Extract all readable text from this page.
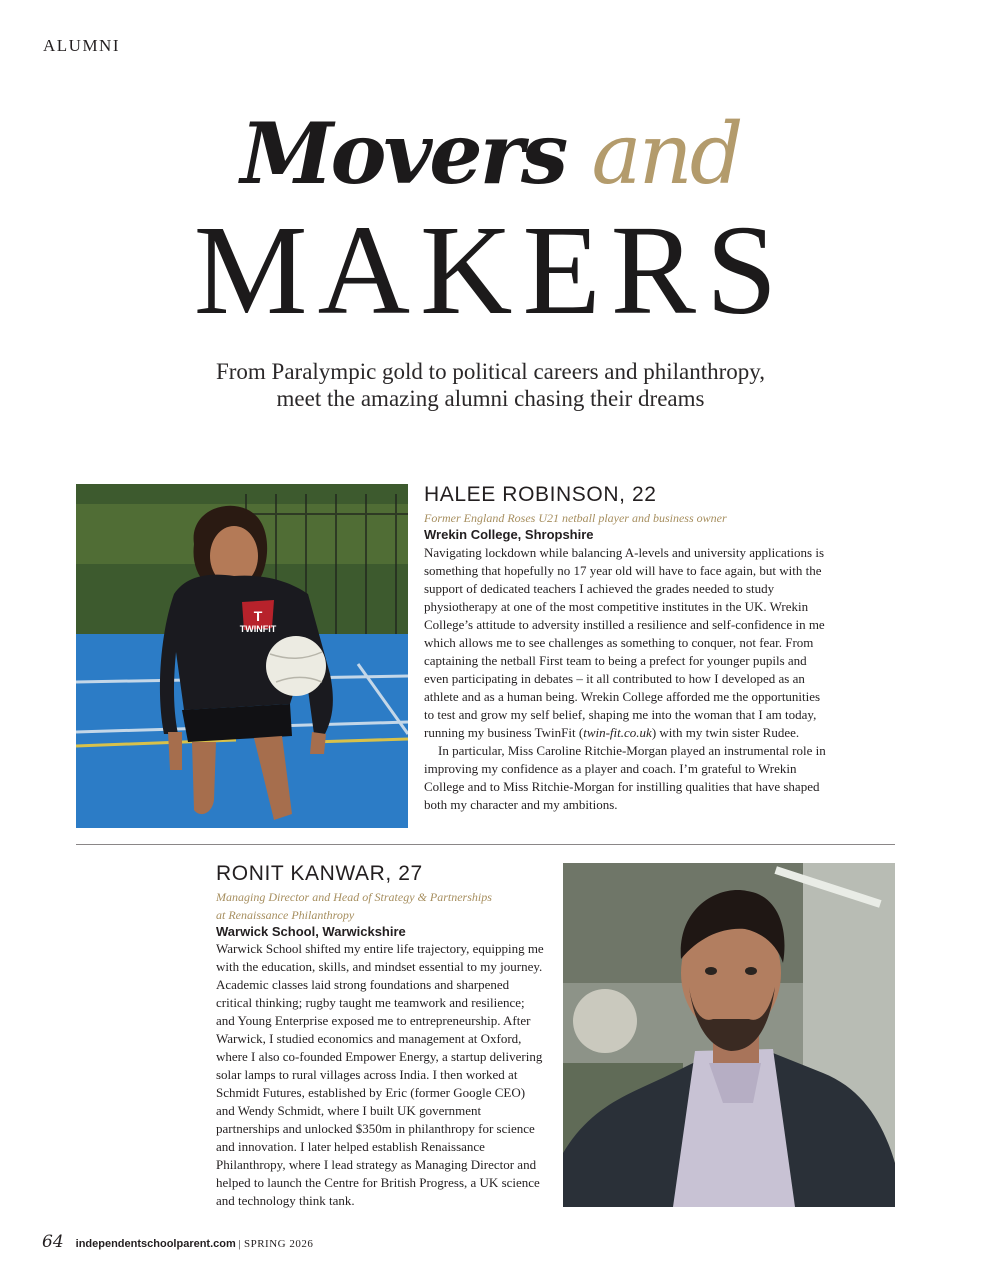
ALUMNI
Movers and
MAKERS
From Paralympic gold to political careers and philanthropy,
meet the amazing alumni chasing their dreams
TWINFIT
T
HALEE ROBINSON, 22
Former England Roses U21 netball player and business owner
Wrekin College, Shropshire

Navigating lockdown while balancing A-levels and university applications is something that hopefully no 17 year old will have to face again, but with the support of dedicated teachers I achieved the grades needed to study physiotherapy at one of the most competitive institutes in the UK. Wrekin College’s attitude to adversity instilled a resilience and self-confidence in me which allows me to see challenges as something to conquer, not fear. From captaining the netball First team to being a prefect for younger pupils and even participating in debates – it all contributed to how I developed as an athlete and as a human being. Wrekin College afforded me the opportunities to test and grow my self belief, shaping me into the woman that I am today, running my business TwinFit (twin-fit.co.uk) with my twin sister Rudee.

In particular, Miss Caroline Ritchie-Morgan played an instrumental role in improving my confidence as a player and coach. I’m grateful to Wrekin College and to Miss Ritchie-Morgan for instilling qualities that have shaped both my character and my ambitions.

RONIT KANWAR, 27
Managing Director and Head of Strategy & Partnerships
at Renaissance Philanthropy
Warwick School, Warwickshire

Warwick School shifted my entire life trajectory, equipping me with the education, skills, and mindset essential to my journey. Academic classes laid strong foundations and sharpened critical thinking; rugby taught me teamwork and resilience; and Young Enterprise exposed me to entrepreneurship. After Warwick, I studied economics and management at Oxford, where I also co-founded Empower Energy, a startup delivering solar lamps to rural villages across India. I then worked at Schmidt Futures, established by Eric (former Google CEO) and Wendy Schmidt, where I built UK government partnerships and unlocked $350m in philanthropy for science and innovation. I later helped establish Renaissance Philanthropy, where I lead strategy as Managing Director and helped to launch the Centre for British Progress, a UK science and technology think tank.

64 independentschoolparent.com | SPRING 2026
